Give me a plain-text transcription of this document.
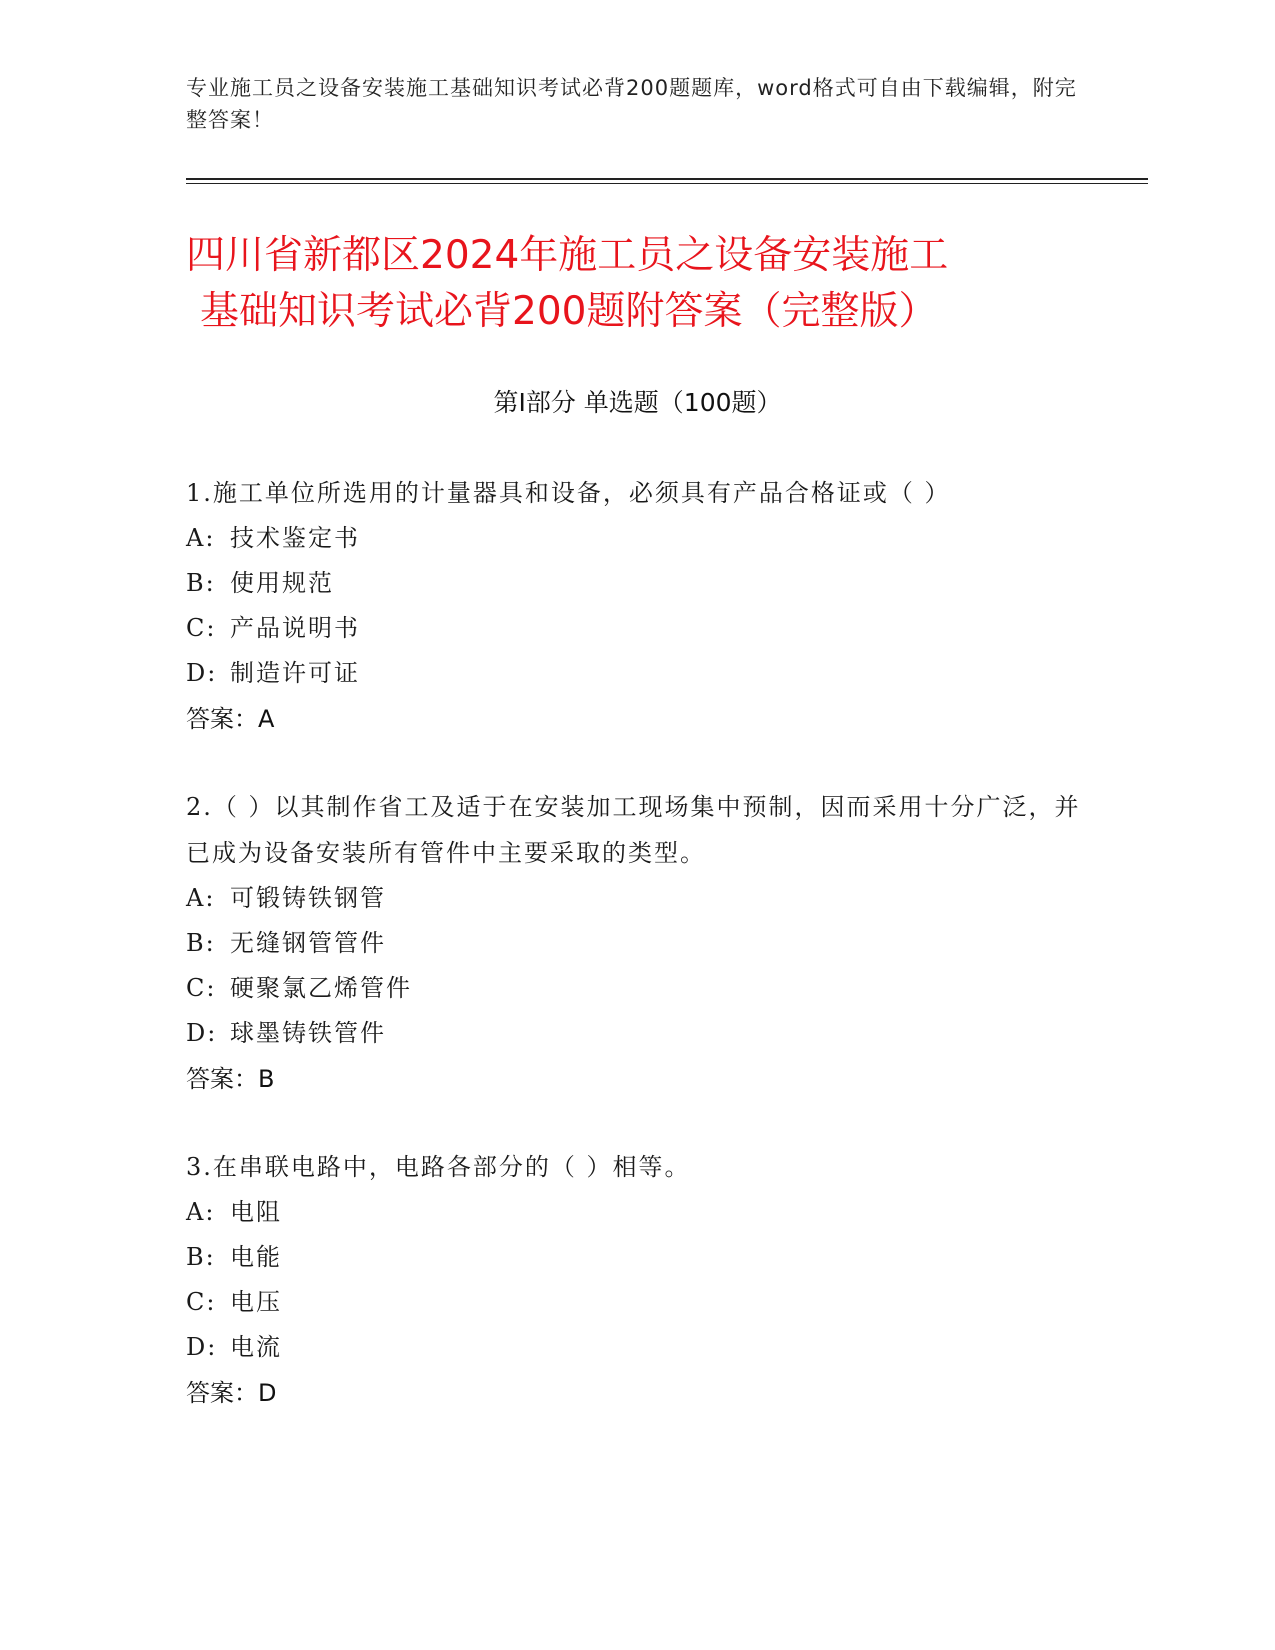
专业施工员之设备安装施工基础知识考试必背200题题库，word格式可自由下载编辑，附完整答案！
四川省新都区2024年施工员之设备安装施工
基础知识考试必背200题附答案（完整版）
第Ⅰ部分 单选题（100题）
1.施工单位所选用的计量器具和设备，必须具有产品合格证或（ ）
A: 技术鉴定书
B: 使用规范
C: 产品说明书
D: 制造许可证
答案：A
2.（ ）以其制作省工及适于在安装加工现场集中预制，因而采用十分广泛，并已成为设备安装所有管件中主要采取的类型。
A: 可锻铸铁钢管
B: 无缝钢管管件
C: 硬聚氯乙烯管件
D: 球墨铸铁管件
答案：B
3.在串联电路中，电路各部分的（ ）相等。
A: 电阻
B: 电能
C: 电压
D: 电流
答案：D
